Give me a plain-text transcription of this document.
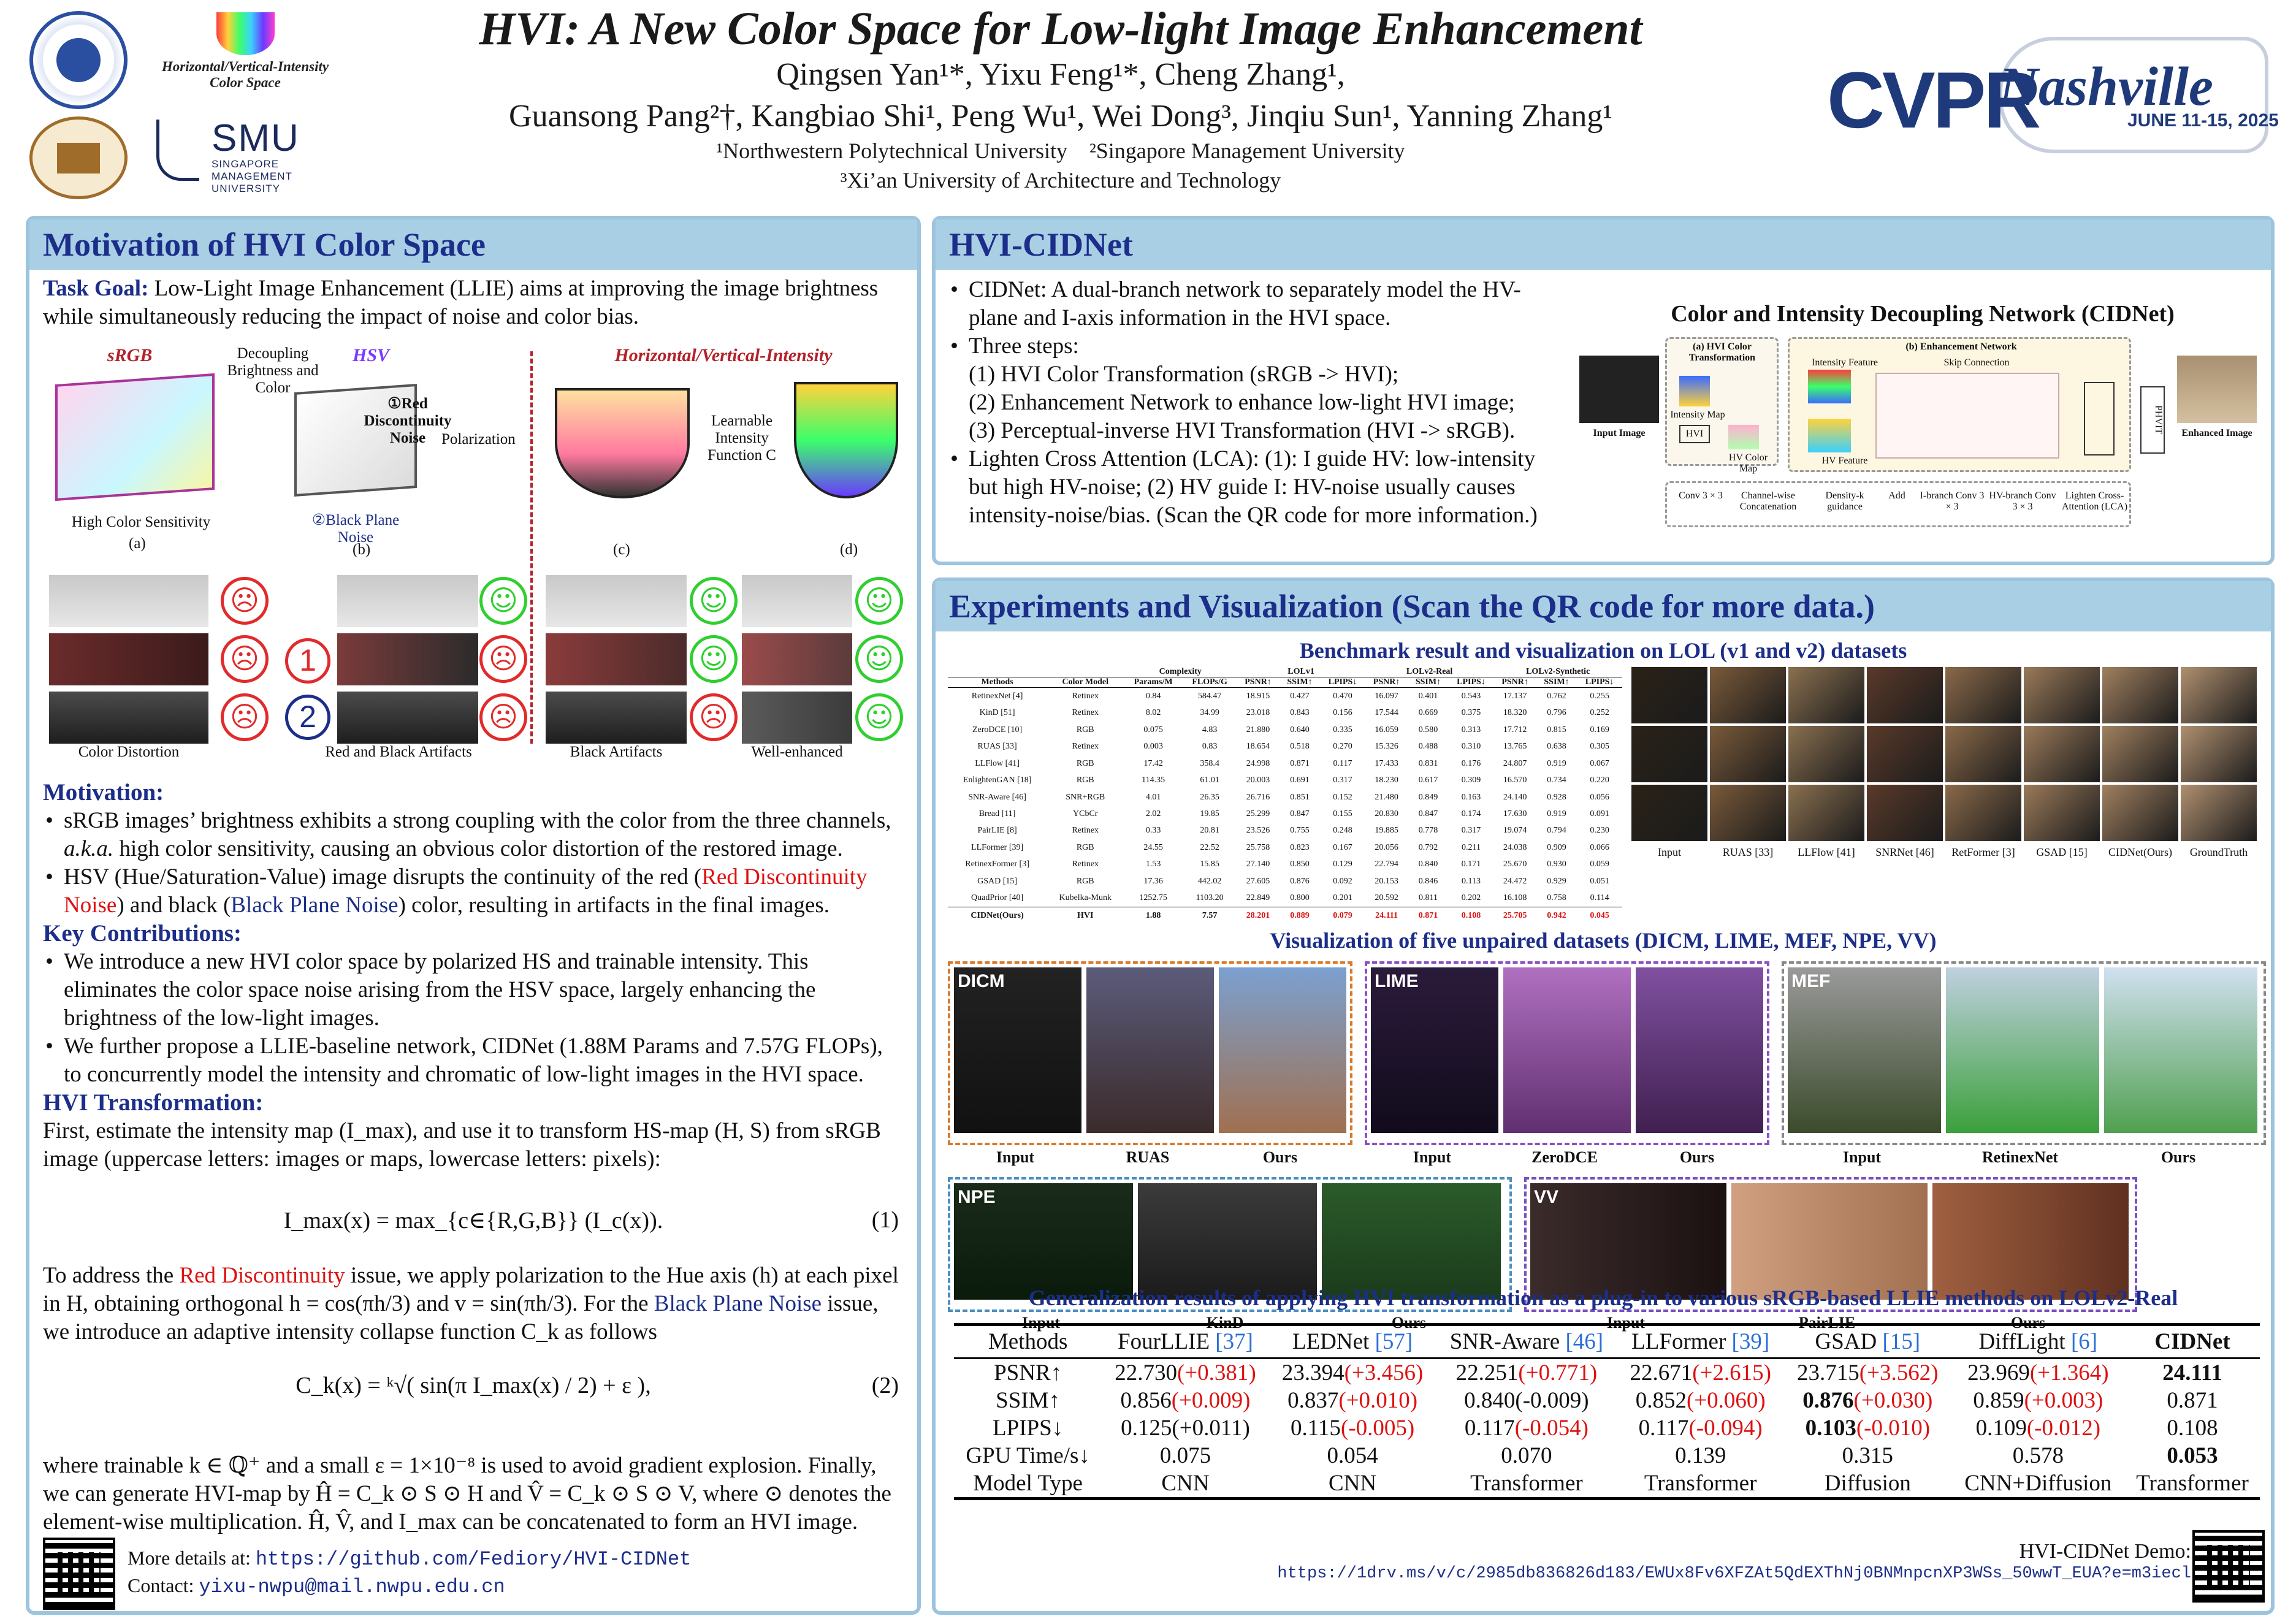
Horizontal/Vertical-Intensity Color Space
SMU
SINGAPORE MANAGEMENT UNIVERSITY
HVI: A New Color Space for Low-light Image Enhancement
Qingsen Yan¹*, Yixu Feng¹*, Cheng Zhang¹,
Guansong Pang²†, Kangbiao Shi¹, Peng Wu¹, Wei Dong³, Jinqiu Sun¹, Yanning Zhang¹
¹Northwestern Polytechnical University    ²Singapore Management University
³Xi’an University of Architecture and Technology
CVPR
Nashville
JUNE 11-15, 2025
Motivation of HVI Color Space
Task Goal: Low-Light Image Enhancement (LLIE) aims at improving the image brightness while simultaneously reducing the impact of noise and color bias.
sRGB
High Color Sensitivity
(a)
Decoupling Brightness and Color
HSV
①Red Discontinuity Noise
②Black Plane Noise
(b)
Polarization
Horizontal/Vertical-Intensity
(c)
Learnable Intensity Function C
(d)
☹
☹
☹
1
2
☺
☹
☹
☺
☺
☹
☺
☺
☺
Color Distortion	Red and Black Artifacts	Black Artifacts	Well-enhanced
Motivation:
• sRGB images’ brightness exhibits a strong coupling with the color from the three channels, a.k.a. high color sensitivity, causing an obvious color distortion of the restored image.
• HSV (Hue/Saturation-Value) image disrupts the continuity of the red (Red Discontinuity Noise) and black (Black Plane Noise) color, resulting in artifacts in the final images.
Key Contributions:
• We introduce a new HVI color space by polarized HS and trainable intensity. This eliminates the color space noise arising from the HSV space, largely enhancing the brightness of the low-light images.
• We further propose a LLIE-baseline network, CIDNet (1.88M Params and 7.57G FLOPs), to concurrently model the intensity and chromatic of low-light images in the HVI space.
HVI Transformation:
First, estimate the intensity map (I_max), and use it to transform HS-map (H, S) from sRGB image (uppercase letters: images or maps, lowercase letters: pixels):
I_max(x) = max_{c∈{R,G,B}} (I_c(x)).	(1)
To address the Red Discontinuity issue, we apply polarization to the Hue axis (h) at each pixel in H, obtaining orthogonal h = cos(πh/3) and v = sin(πh/3). For the Black Plane Noise issue, we introduce an adaptive intensity collapse function C_k as follows
C_k(x) = ᵏ√( sin(π I_max(x) / 2) + ε ),	(2)
where trainable k ∈ ℚ⁺ and a small ε = 1×10⁻⁸ is used to avoid gradient explosion. Finally, we can generate HVI-map by Ĥ = C_k ⊙ S ⊙ H and V̂ = C_k ⊙ S ⊙ V, where ⊙ denotes the element-wise multiplication. Ĥ, V̂, and I_max can be concatenated to form an HVI image.
More details at: https://github.com/Fediory/HVI-CIDNet
Contact: yixu-nwpu@mail.nwpu.edu.cn
HVI-CIDNet
• CIDNet: A dual-branch network to separately model the HV-plane and I-axis information in the HVI space.
• Three steps:
(1) HVI Color Transformation (sRGB -> HVI);
(2) Enhancement Network to enhance low-light HVI image;
(3) Perceptual-inverse HVI Transformation (HVI -> sRGB).
• Lighten Cross Attention (LCA): (1): I guide HV: low-intensity but high HV-noise; (2) HV guide I: HV-noise usually causes intensity-noise/bias. (Scan the QR code for more information.)
Color and Intensity Decoupling Network (CIDNet)
Input Image
(a) HVI Color Transformation
Intensity Map
HVI
HV Color Map
(b) Enhancement Network
Intensity Feature
HV Feature
Skip Connection
PHVIT	Enhanced Image
Conv 3 × 3	Channel-wise Concatenation
Density-k guidance
Add	I-branch Conv 3 × 3
HV-branch Conv 3 × 3
Lighten Cross-Attention (LCA)
Experiments and Visualization (Scan the QR code for more data.)
Benchmark result and visualization on LOL (v1 and v2) datasets
		Complexity		LOLv1			LOLv2-Real			LOLv2-Synthetic		
Methods	Color Model	Params/M	FLOPs/G	PSNR↑	SSIM↑	LPIPS↓	PSNR↑	SSIM↑	LPIPS↓	PSNR↑	SSIM↑	LPIPS↓
RetinexNet [4]	Retinex	0.84	584.47	18.915	0.427	0.470	16.097	0.401	0.543	17.137	0.762	0.255
KinD [51]	Retinex	8.02	34.99	23.018	0.843	0.156	17.544	0.669	0.375	18.320	0.796	0.252
ZeroDCE [10]	RGB	0.075	4.83	21.880	0.640	0.335	16.059	0.580	0.313	17.712	0.815	0.169
RUAS [33]	Retinex	0.003	0.83	18.654	0.518	0.270	15.326	0.488	0.310	13.765	0.638	0.305
LLFlow [41]	RGB	17.42	358.4	24.998	0.871	0.117	17.433	0.831	0.176	24.807	0.919	0.067
EnlightenGAN [18]	RGB	114.35	61.01	20.003	0.691	0.317	18.230	0.617	0.309	16.570	0.734	0.220
SNR-Aware [46]	SNR+RGB	4.01	26.35	26.716	0.851	0.152	21.480	0.849	0.163	24.140	0.928	0.056
Bread [11]	YCbCr	2.02	19.85	25.299	0.847	0.155	20.830	0.847	0.174	17.630	0.919	0.091
PairLIE [8]	Retinex	0.33	20.81	23.526	0.755	0.248	19.885	0.778	0.317	19.074	0.794	0.230
LLFormer [39]	RGB	24.55	22.52	25.758	0.823	0.167	20.056	0.792	0.211	24.038	0.909	0.066
RetinexFormer [3]	Retinex	1.53	15.85	27.140	0.850	0.129	22.794	0.840	0.171	25.670	0.930	0.059
GSAD [15]	RGB	17.36	442.02	27.605	0.876	0.092	20.153	0.846	0.113	24.472	0.929	0.051
QuadPrior [40]	Kubelka-Munk	1252.75	1103.20	22.849	0.800	0.201	20.592	0.811	0.202	16.108	0.758	0.114
CIDNet(Ours)	HVI	1.88	7.57	28.201	0.889	0.079	24.111	0.871	0.108	25.705	0.942	0.045
Input	RUAS [33]	LLFlow [41]	SNRNet [46]	RetFormer [3]	GSAD [15]	CIDNet(Ours)	GroundTruth
Visualization of five unpaired datasets (DICM, LIME, MEF, NPE, VV)
DICM
Input	RUAS	Ours
LIME
Input	ZeroDCE	Ours
MEF
Input	RetinexNet	Ours
NPE
Input	KinD	Ours
VV
Input	PairLIE	Ours
Generalization results of applying HVI transformation as a plug-in to various sRGB-based LLIE methods on LOLv2-Real
Methods	FourLLIE [37]	LEDNet [57]	SNR-Aware [46]	LLFormer [39]	GSAD [15]	DiffLight [6]	CIDNet
PSNR↑	22.730(+0.381)	23.394(+3.456)	22.251(+0.771)	22.671(+2.615)	23.715(+3.562)	23.969(+1.364)	24.111
SSIM↑	0.856(+0.009)	0.837(+0.010)	0.840(-0.009)	0.852(+0.060)	0.876(+0.030)	0.859(+0.003)	0.871
LPIPS↓	0.125(+0.011)	0.115(-0.005)	0.117(-0.054)	0.117(-0.094)	0.103(-0.010)	0.109(-0.012)	0.108
GPU Time/s↓	0.075	0.054	0.070	0.139	0.315	0.578	0.053
Model Type	CNN	CNN	Transformer	Transformer	Diffusion	CNN+Diffusion	Transformer
HVI-CIDNet Demo:
https://1drv.ms/v/c/2985db836826d183/EWUx8Fv6XFZAt5QdEXThNj0BNMnpcnXP3WSs_50wwT_EUA?e=m3iecl
